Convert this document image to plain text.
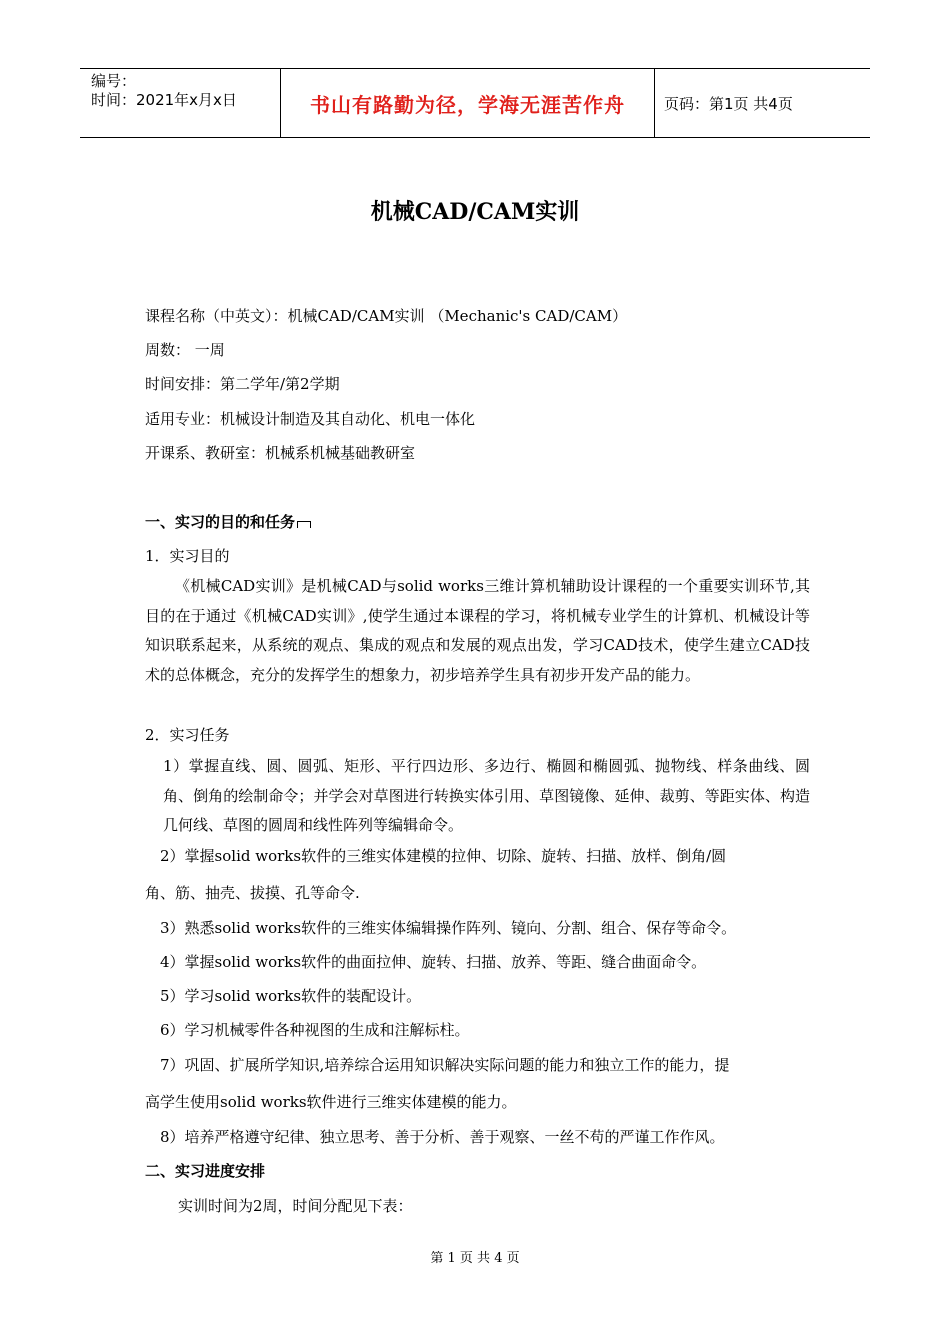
编号：
时间：2021年x月x日	书山有路勤为径，学海无涯苦作舟	页码：第1页 共4页
机械CAD/CAM实训
课程名称（中英文）：机械CAD/CAM实训 （Mechanic's CAD/CAM）
周数： 一周
时间安排：第二学年/第2学期
适用专业：机械设计制造及其自动化、机电一体化
开课系、教研室：机械系机械基础教研室
一、实习的目的和任务
1．实习目的

《机械CAD实训》是机械CAD与solid works三维计算机辅助设计课程的一个重要实训环节,其目的在于通过《机械CAD实训》,使学生通过本课程的学习，将机械专业学生的计算机、机械设计等知识联系起来，从系统的观点、集成的观点和发展的观点出发，学习CAD技术，使学生建立CAD技术的总体概念，充分的发挥学生的想象力，初步培养学生具有初步开发产品的能力。

2．实习任务

1）掌握直线、圆、圆弧、矩形、平行四边形、多边行、椭圆和椭圆弧、抛物线、样条曲线、圆角、倒角的绘制命令；并学会对草图进行转换实体引用、草图镜像、延伸、裁剪、等距实体、构造几何线、草图的圆周和线性阵列等编辑命令。

2）掌握solid works软件的三维实体建模的拉伸、切除、旋转、扫描、放样、倒角/圆
角、筋、抽壳、拔摸、孔等命令.
3）熟悉solid works软件的三维实体编辑操作阵列、镜向、分割、组合、保存等命令。
4）掌握solid works软件的曲面拉伸、旋转、扫描、放养、等距、缝合曲面命令。
5）学习solid works软件的装配设计。
6）学习机械零件各种视图的生成和注解标柱。
7）巩固、扩展所学知识,培养综合运用知识解决实际问题的能力和独立工作的能力，提
高学生使用solid works软件进行三维实体建模的能力。
8）培养严格遵守纪律、独立思考、善于分析、善于观察、一丝不苟的严谨工作作风。
二、实习进度安排
实训时间为2周，时间分配见下表：
第 1 页 共 4 页
